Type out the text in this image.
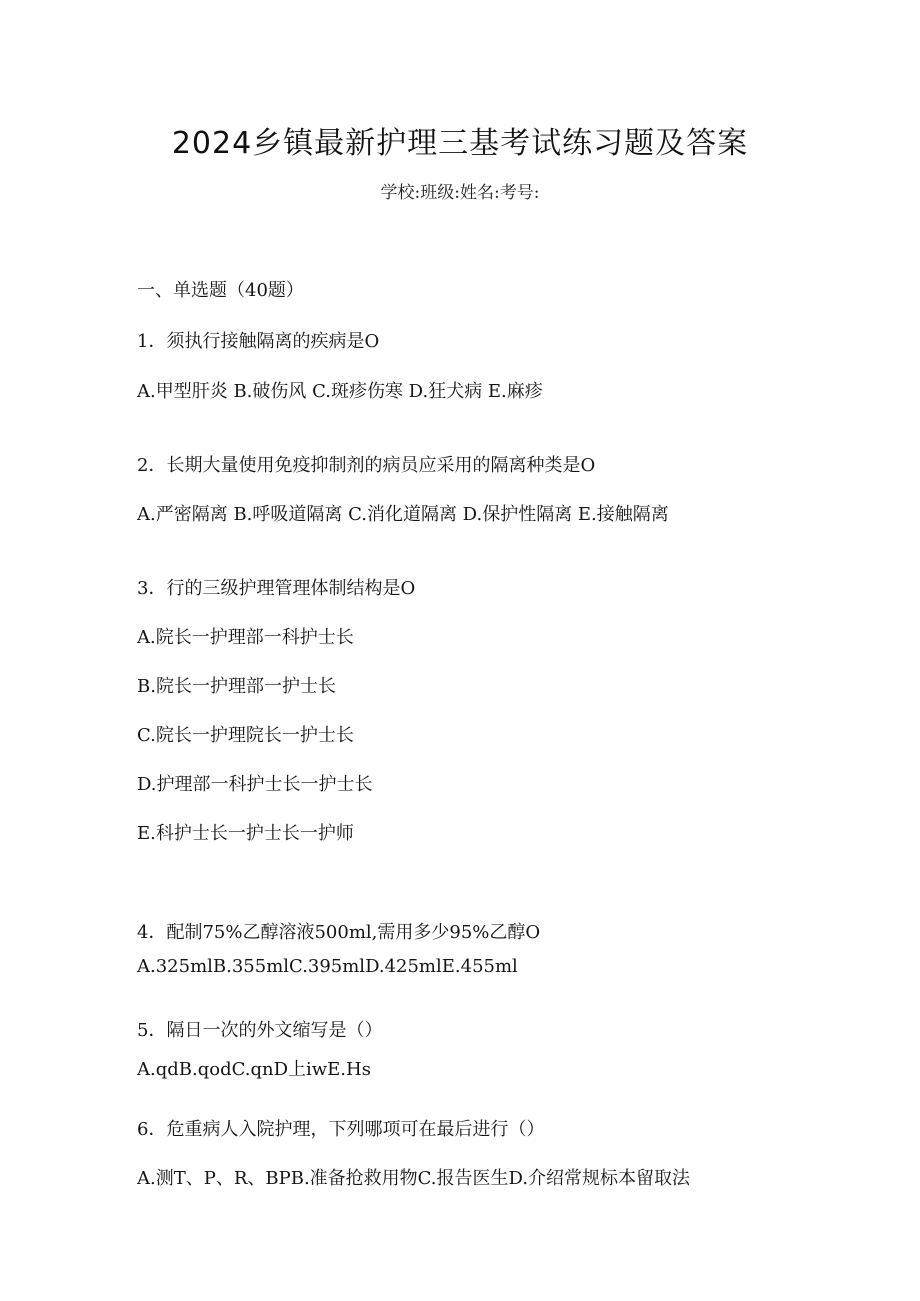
2024乡镇最新护理三基考试练习题及答案
学校:班级:姓名:考号:
一、单选题（40题）
1．须执行接触隔离的疾病是O
A.甲型肝炎 B.破伤风 C.斑疹伤寒 D.狂犬病 E.麻疹
2．长期大量使用免疫抑制剂的病员应采用的隔离种类是O
A.严密隔离 B.呼吸道隔离 C.消化道隔离 D.保护性隔离 E.接触隔离
3．行的三级护理管理体制结构是O
A.院长一护理部一科护士长
B.院长一护理部一护士长
C.院长一护理院长一护士长
D.护理部一科护士长一护士长
E.科护士长一护士长一护师
4．配制75%乙醇溶液500ml,需用多少95%乙醇O
A.325mlB.355mlC.395mlD.425mlE.455ml
5．隔日一次的外文缩写是（）
A.qdB.qodC.qnD上iwE.Hs
6．危重病人入院护理，下列哪项可在最后进行（）
A.测T、P、R、BPB.准备抢救用物C.报告医生D.介绍常规标本留取法
